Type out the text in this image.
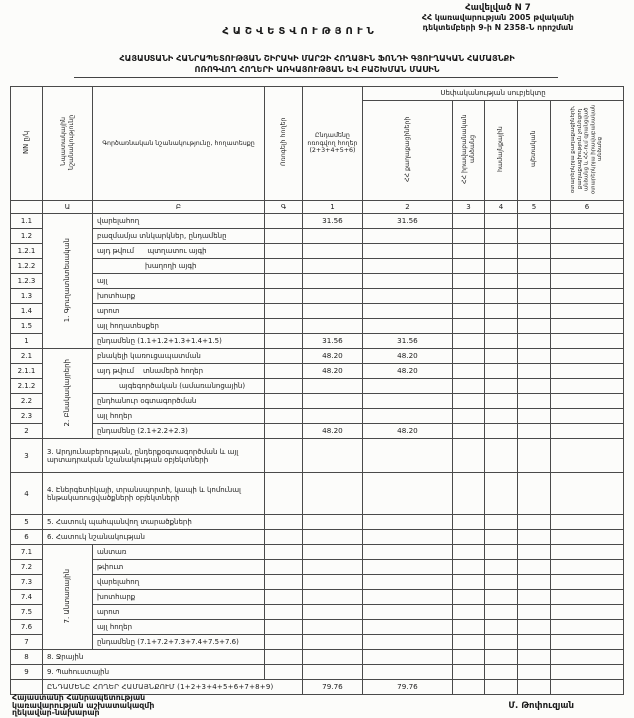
Հավելված N 7
ՀՀ կառավարության 2005 թվականի
դեկտեմբերի 9-ի N 2358-Ն որոշման
ՀԱՇՎԵՏՎՈՒԹՅՈՒՆ
ՀԱՅԱՍՏԱՆԻ ՀԱՆՐԱՊԵՏՈՒԹՅԱՆ ՇԻՐԱԿԻ ՄԱՐԶԻ ՀՈՂԱՅԻՆ ՖՈՆԴԻ ԳՅՈՒՂԱԿԱՆ ՀԱՄԱՅՆՔԻ
ՈՌՈԳՎՈՂ ՀՈՂԵՐԻ ԱՌԿԱՅՈՒԹՅԱՆ ԵՎ ԲԱՇԽՄԱՆ ՄԱՍԻՆ
NN ը/կ	Նպատակային նշանակությունը	Գործառնական նշանակությունը, հողատեսքը	Ոռոգելի հողեր	Ընդամենը ոռոգվող հողեր (2+3+4+5+6)	Սեփականության սուբյեկտը				
					ՀՀ քաղաքացիների	ՀՀ իրավաբանական անձանց	համայնքային	պետական	օտարերկրյա քաղաքացիների, քաղաքացիություն չունեցող անձանց և ՀՀ-ում գրանցված օտարերկրյա իրավաբանական անձանց
	Ա	Բ	Գ	1	2	3	4	5	6
1.1	1. Գյուղատնտեսական	վարելահող		31.56	31.56				
1.2		բազմամյա տնկարկներ, ընդամենը							
1.2.1		այդ թվում      պտղատու այգի							
1.2.2		խաղողի այգի							
1.2.3		այլ							
1.3		խոտհարք							
1.4		արոտ							
1.5		այլ հողատեսքեր							
1		ընդամենը (1.1+1.2+1.3+1.4+1.5)		31.56	31.56				
2.1	2. Բնակավայրերի	բնակելի կառուցապատման		48.20	48.20				
2.1.1		այդ թվում    տնամերձ հողեր		48.20	48.20				
2.1.2		այգեգործական (ամառանոցային)							
2.2		ընդհանուր օգտագործման							
2.3		այլ հողեր							
2		ընդամենը (2.1+2.2+2.3)		48.20	48.20				
3	3. Արդյունաբերության, ընդերքօգտագործման և այլ արտադրական նշանակության օբյեկտների								
4	4. Էներգետիկայի, տրանսպորտի, կապի և կոմունալ ենթակառուցվածքների օբյեկտների								
5	5. Հատուկ պահպանվող տարածքների								
6	6. Հատուկ նշանակության								
7.1	7. Անտառային	անտառ							
7.2		թփուտ							
7.3		վարելահող							
7.4		խոտհարք							
7.5		արոտ							
7.6		այլ հողեր							
7		ընդամենը (7.1+7.2+7.3+7.4+7.5+7.6)							
8	8. Ջրային								
9	9. Պահուստային								
	ԸՆԴԱՄԵՆԸ ՀՈՂԵՐ ՀԱՄԱՅՆՔՈՒՄ (1+2+3+4+5+6+7+8+9)			79.76	79.76				
Հայաստանի Հանրապետության
կառավարության աշխատակազմի
ղեկավար-նախարար
Մ. Թոփուզյան
